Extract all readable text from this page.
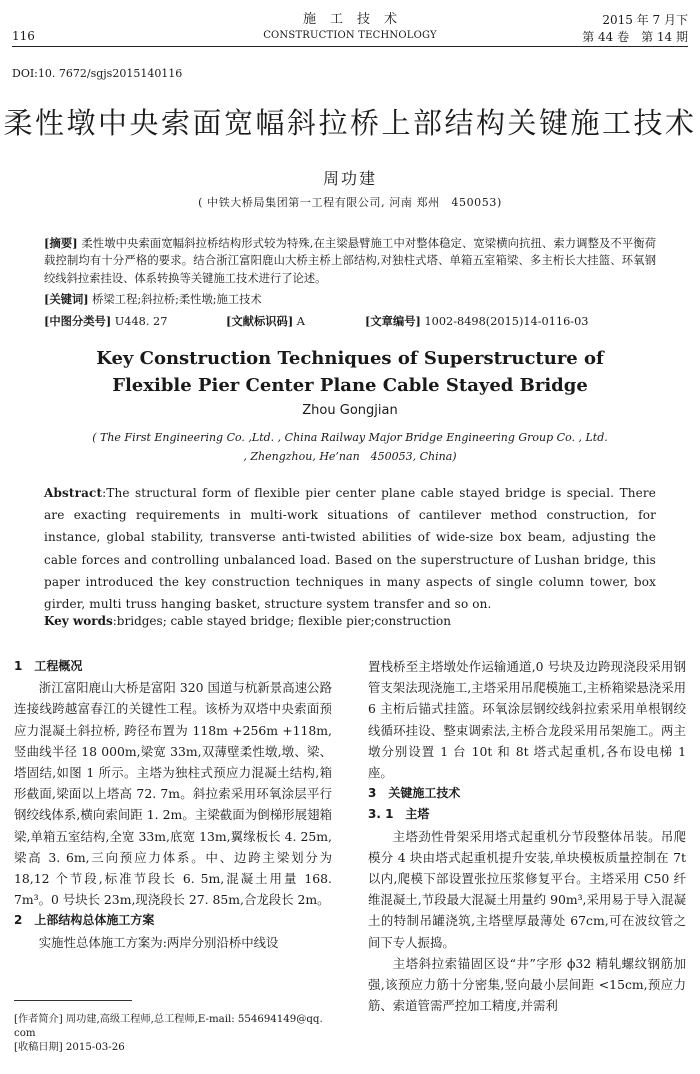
116
施工技术
CONSTRUCTION TECHNOLOGY
2015 年 7 月下
第 44 卷　第 14 期
DOI:10. 7672/sgjs2015140116
柔性墩中央索面宽幅斜拉桥上部结构关键施工技术
周功建
( 中铁大桥局集团第一工程有限公司, 河南 郑州　450053)
[摘要] 柔性墩中央索面宽幅斜拉桥结构形式较为特殊,在主梁悬臂施工中对整体稳定、宽梁横向抗扭、索力调整及不平衡荷载控制均有十分严格的要求。结合浙江富阳鹿山大桥主桥上部结构,对独柱式塔、单箱五室箱梁、多主桁长大挂篮、环氧钢绞线斜拉索挂设、体系转换等关键施工技术进行了论述。
[关键词] 桥梁工程;斜拉桥;柔性墩;施工技术
[中图分类号] U448. 27	[文献标识码] A	[文章编号] 1002-8498(2015)14-0116-03
Key Construction Techniques of Superstructure of Flexible Pier Center Plane Cable Stayed Bridge
Zhou Gongjian
( The First Engineering Co. ,Ltd. , China Railway Major Bridge Engineering Group Co. , Ltd. , Zhengzhou, He’nan　450053, China)
Abstract:The structural form of flexible pier center plane cable stayed bridge is special. There are exacting requirements in multi-work situations of cantilever method construction, for instance, global stability, transverse anti-twisted abilities of wide-size box beam, adjusting the cable forces and controlling unbalanced load. Based on the superstructure of Lushan bridge, this paper introduced the key construction techniques in many aspects of single column tower, box girder, multi truss hanging basket, structure system transfer and so on.
Key words:bridges; cable stayed bridge; flexible pier;construction

1　工程概况

浙江富阳鹿山大桥是富阳 320 国道与杭新景高速公路连接线跨越富春江的关键性工程。该桥为双塔中央索面预应力混凝土斜拉桥, 跨径布置为 118m +256m +118m,竖曲线半径 18 000m,梁宽 33m,双薄壁柔性墩,墩、梁、塔固结,如图 1 所示。主塔为独柱式预应力混凝土结构,箱形截面,梁面以上塔高 72. 7m。斜拉索采用环氧涂层平行钢绞线体系,横向索间距 1. 2m。主梁截面为倒梯形展翅箱梁,单箱五室结构,全宽 33m,底宽 13m,翼缘板长 4. 25m,梁高 3. 6m,三向预应力体系。中、边跨主梁划分为 18,12 个节段,标准节段长 6. 5m,混凝土用量 168. 7m³。0 号块长 23m,现浇段长 27. 85m,合龙段长 2m。

2　上部结构总体施工方案

实施性总体施工方案为:两岸分别沿桥中线设

置栈桥至主塔墩处作运输通道,0 号块及边跨现浇段采用钢管支架法现浇施工,主塔采用吊爬模施工,主桥箱梁悬浇采用 6 主桁后锚式挂篮。环氧涂层钢绞线斜拉索采用单根钢绞线循环挂设、整束调索法,主桥合龙段采用吊架施工。两主墩分别设置 1 台 10t 和 8t 塔式起重机,各布设电梯 1 座。

3　关键施工技术

3. 1　主塔

主塔劲性骨架采用塔式起重机分节段整体吊装。吊爬模分 4 块由塔式起重机提升安装,单块模板质量控制在 7t 以内,爬模下部设置张拉压浆修复平台。主塔采用 C50 纤维混凝土,节段最大混凝土用量约 90m³,采用易于导入混凝土的特制吊罐浇筑,主塔壁厚最薄处 67cm,可在波纹管之间下专人振捣。

主塔斜拉索锚固区设“井”字形 ϕ32 精轧螺纹钢筋加强,该预应力筋十分密集,竖向最小层间距 <15cm,预应力筋、索道管需严控加工精度,并需利

[作者简介] 周功建,高级工程师,总工程师,E-mail: 554694149@qq. com

[收稿日期] 2015-03-26
